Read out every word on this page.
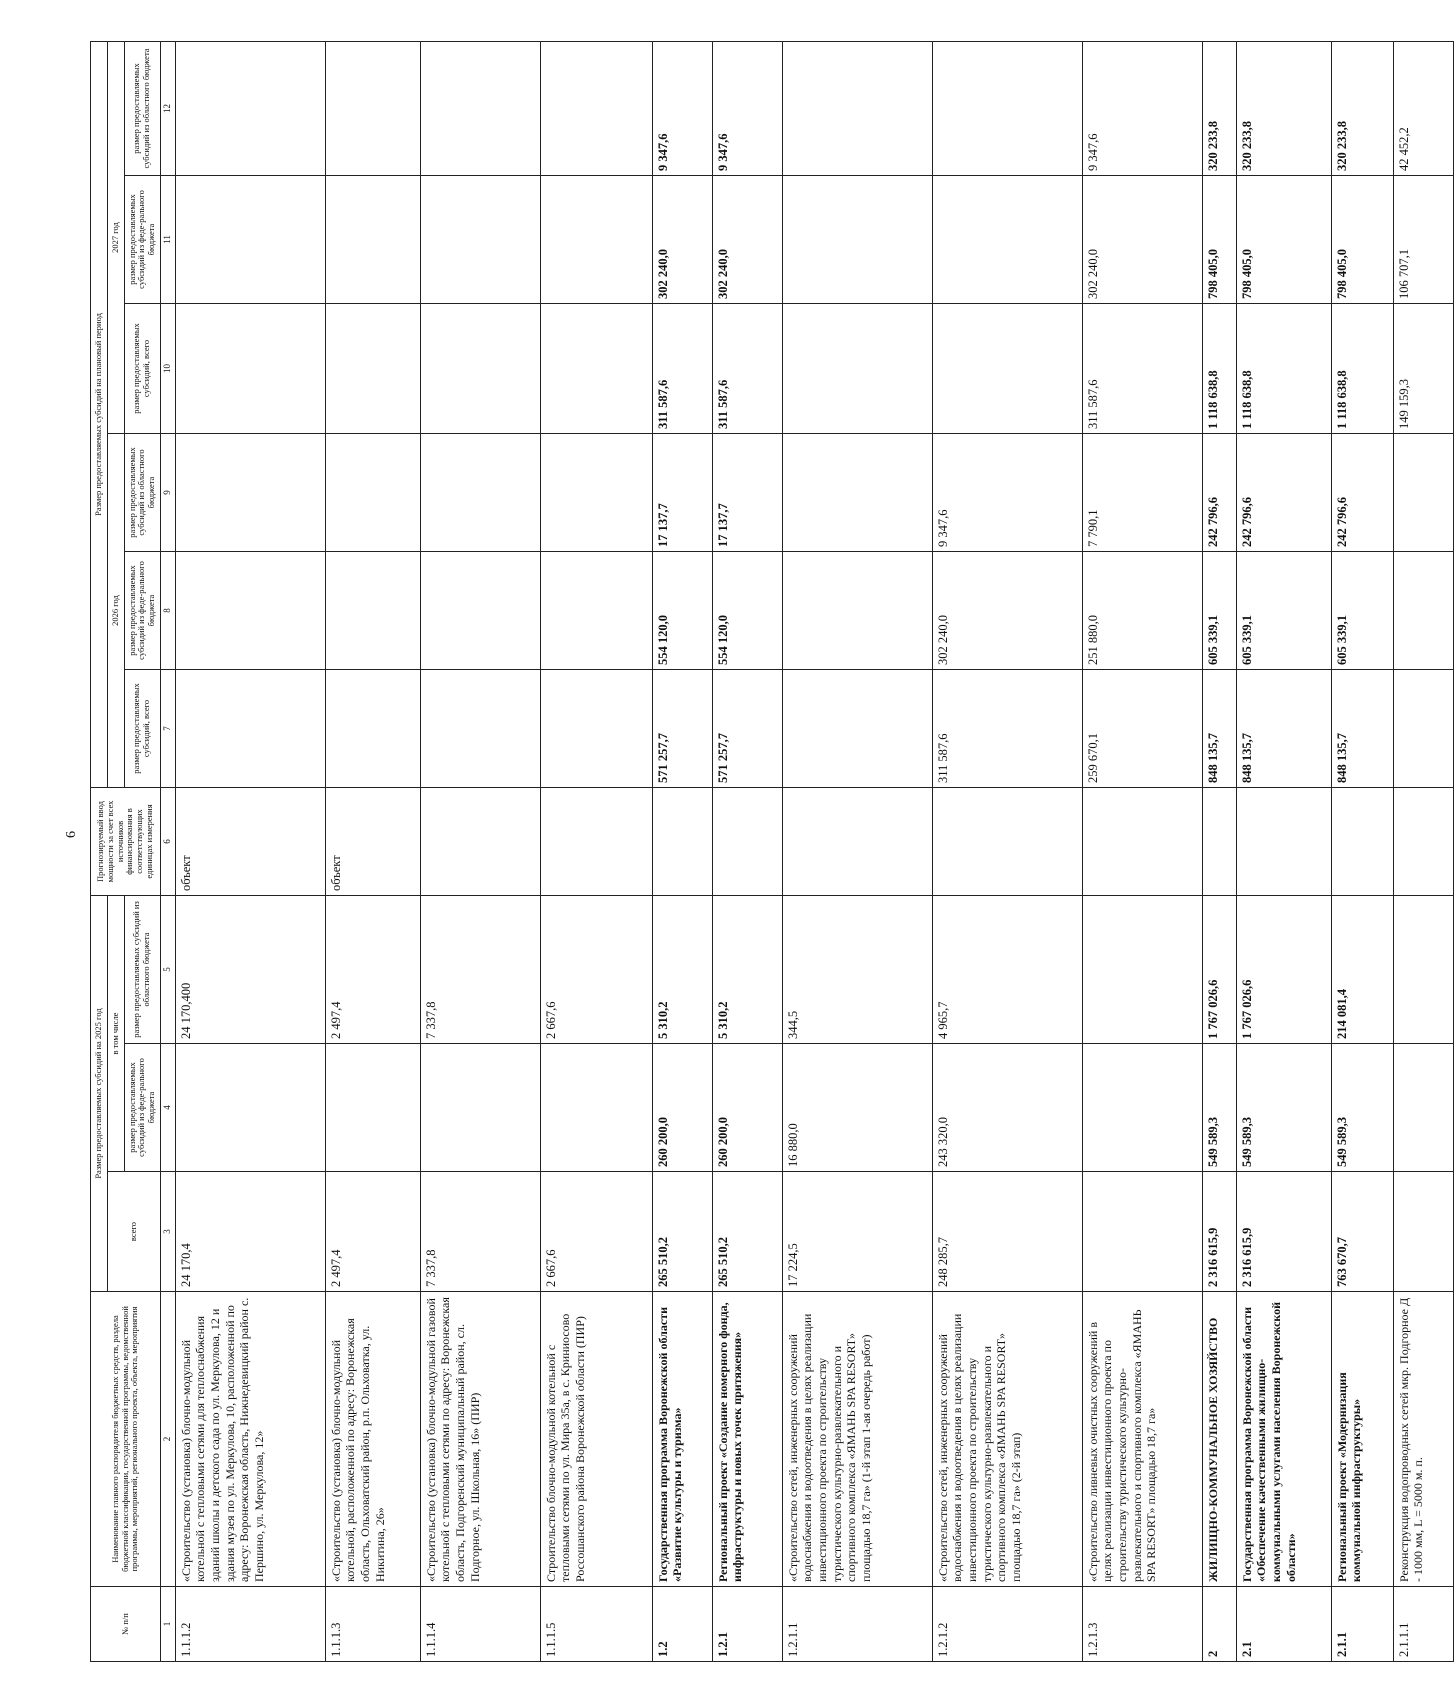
6
№ п/п	Наименование главного распорядителя бюджетных средств, раздела бюджетной классификации, государственной программы, ведомственной программы, мероприятий, регионального проекта, объекта, мероприятия	Размер предоставляемых субсидий на 2025 год			Прогнозируемый ввод мощности за счет всех источников финансирования в соответствующих единицах измерения	Размер предоставляемых субсидий на плановый период					
		всего	в том числе			2026 год			2027 год		
			размер предоставляемых субсидий из феде-рального бюджета	размер предоставляемых субсидий из областного бюджета		размер предоставляемых субсидий, всего	размер предоставляемых субсидий из феде-рального бюджета	размер предоставляемых субсидий из областного бюджета	размер предоставляемых субсидий, всего	размер предоставляемых субсидий из феде-рального бюджета	размер предоставляемых субсидий из областного бюджета

1	2	3	4	5	6	7	8	9	10	11	12
1.1.1.2	«Строительство (установка) блочно-модульной котельной с тепловыми сетями для теплоснабжения зданий школы и детского сада по ул. Меркулова, 12 и здания музея по ул. Меркулова, 10, расположенной по адресу: Воронежская область, Нижнедевицкий район с. Першино, ул. Меркулова, 12»	24 170,4		24 170,400	объект						
1.1.1.3	«Строительство (установка) блочно-модульной котельной, расположенной по адресу: Воронежская область, Ольховатский район, р.п. Ольховатка, ул. Никитина, 26»	2 497,4		2 497,4	объект						
1.1.1.4	«Строительство (установка) блочно-модульной газовой котельной с тепловыми сетями по адресу: Воронежская область, Подгоренский муниципальный район, сл. Подгорное, ул. Школьная, 16» (ПИР)	7 337,8		7 337,8							
1.1.1.5	Строительство блочно-модульной котельной с тепловыми сетями по ул. Мира 35а, в с. Криниосово Россошанского района Воронежской области (ПИР)	2 667,6		2 667,6							
1.2	Государственная программа Воронежской области «Развитие культуры и туризма»	265 510,2	260 200,0	5 310,2		571 257,7	554 120,0	17 137,7	311 587,6	302 240,0	9 347,6
1.2.1	Региональный проект «Создание номерного фонда, инфраструктуры и новых точек притяжения»	265 510,2	260 200,0	5 310,2		571 257,7	554 120,0	17 137,7	311 587,6	302 240,0	9 347,6
1.2.1.1	«Строительство сетей, инженерных сооружений водоснабжения и водоотведения в целях реализации инвестиционного проекта по строительству туристического культурно-развлекательного и спортивного комплекса «ЯМАНЬ SPA RESORT» площадью 18,7 га» (1-й этап 1-ая очередь работ)	17 224,5	16 880,0	344,5							
1.2.1.2	«Строительство сетей, инженерных сооружений водоснабжения и водоотведения в целях реализации инвестиционного проекта по строительству туристического культурно-развлекательного и спортивного комплекса «ЯМАНЬ SPA RESORT» площадью 18,7 га» (2-й этап)	248 285,7	243 320,0	4 965,7		311 587,6	302 240,0	9 347,6			
1.2.1.3	«Строительство ливневых очистных сооружений в целях реализации инвестиционного проекта по строительству туристического культурно-развлекательного и спортивного комплекса «ЯМАНЬ SPA RESORT» площадью 18,7 га»					259 670,1	251 880,0	7 790,1	311 587,6	302 240,0	9 347,6
2	ЖИЛИЩНО-КОММУНАЛЬНОЕ ХОЗЯЙСТВО	2 316 615,9	549 589,3	1 767 026,6		848 135,7	605 339,1	242 796,6	1 118 638,8	798 405,0	320 233,8
2.1	Государственная программа Воронежской области «Обеспечение качественными жилищно-коммунальными услугами населения Воронежской области»	2 316 615,9	549 589,3	1 767 026,6		848 135,7	605 339,1	242 796,6	1 118 638,8	798 405,0	320 233,8
2.1.1	Региональный проект «Модернизация коммунальной инфраструктуры»	763 670,7	549 589,3	214 081,4		848 135,7	605 339,1	242 796,6	1 118 638,8	798 405,0	320 233,8
2.1.1.1	Реконструкция водопроводных сетей мкр. Подгорное Д - 1000 мм, L = 5000 м. п.								149 159,3	106 707,1	42 452,2
